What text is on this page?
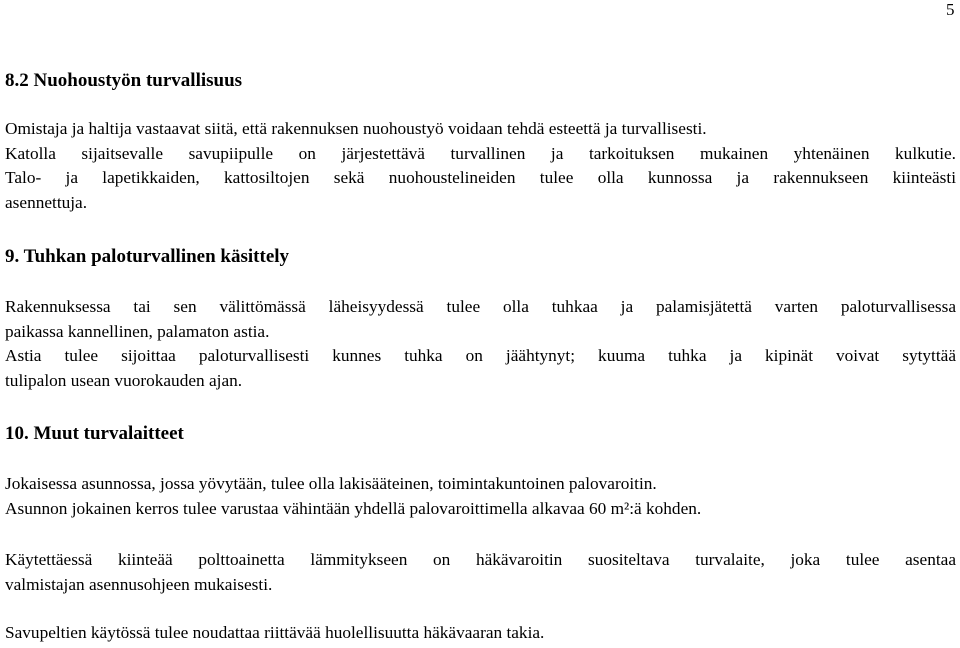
5
8.2 Nuohoustyön turvallisuus
Omistaja ja haltija vastaavat siitä, että rakennuksen nuohoustyö voidaan tehdä esteettä ja turvallisesti.
Katolla sijaitsevalle savupiipulle on järjestettävä turvallinen ja tarkoituksen mukainen yhtenäinen kulkutie.
Talo- ja lapetikkaiden, kattosiltojen sekä nuohoustelineiden tulee olla kunnossa ja rakennukseen kiinteästi
asennettuja.
9. Tuhkan paloturvallinen käsittely
Rakennuksessa tai sen välittömässä läheisyydessä tulee olla tuhkaa ja palamisjätettä varten paloturvallisessa
paikassa kannellinen, palamaton astia.
Astia tulee sijoittaa paloturvallisesti kunnes tuhka on jäähtynyt; kuuma tuhka ja kipinät voivat sytyttää
tulipalon usean vuorokauden ajan.
10. Muut turvalaitteet
Jokaisessa asunnossa, jossa yövytään, tulee olla lakisääteinen, toimintakuntoinen palovaroitin.
Asunnon jokainen kerros tulee varustaa vähintään yhdellä palovaroittimella alkavaa 60 m²:ä kohden.
Käytettäessä kiinteää polttoainetta lämmitykseen on häkävaroitin suositeltava turvalaite, joka tulee asentaa
valmistajan asennusohjeen mukaisesti.
Savupeltien käytössä tulee noudattaa riittävää huolellisuutta häkävaaran takia.
